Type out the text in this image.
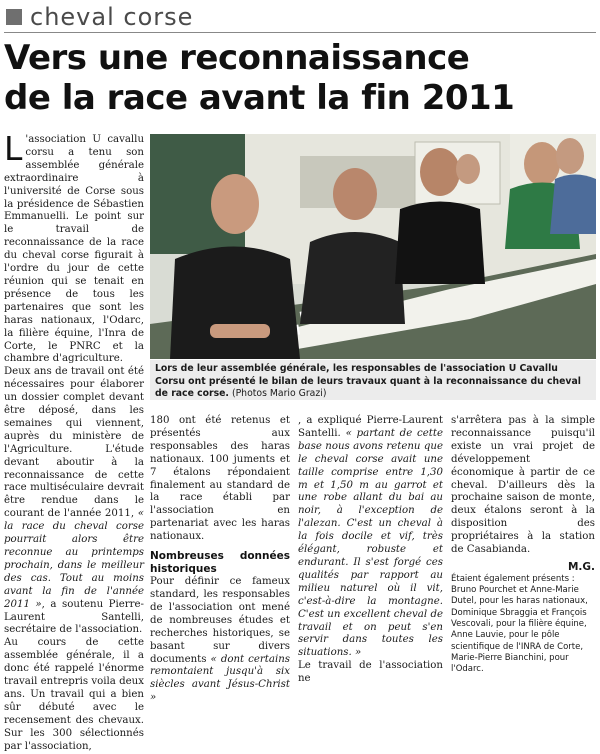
cheval corse
Vers une reconnaissance
de la race avant la fin 2011

L 'association U cavallu corsu a tenu son assemblée générale extraordinaire à l'université de Corse sous la présidence de Sébastien Emmanuelli. Le point sur le travail de reconnaissance de la race du cheval corse figurait à l'ordre du jour de cette réunion qui se tenait en présence de tous les partenaires que sont les haras nationaux, l'Odarc, la filière équine, l'Inra de Corte, le PNRC et la chambre d'agriculture.

Deux ans de travail ont été nécessaires pour élaborer un dossier complet devant être déposé, dans les semaines qui viennent, auprès du ministère de l'Agriculture. L'étude devant aboutir à la reconnaissance de cette race multiséculaire devrait être rendue dans le courant de l'année 2011, « la race du cheval corse pourrait alors être reconnue au printemps prochain, dans le meilleur des cas. Tout au moins avant la fin de l'année 2011 », a soutenu Pierre-Laurent Santelli, secrétaire de l'association.

Au cours de cette assemblée générale, il a donc été rappelé l'énorme travail entrepris voila deux ans. Un travail qui a bien sûr débuté avec le recensement des chevaux. Sur les 300 sélectionnés par l'association,

Lors de leur assemblée générale, les responsables de l'association U Cavallu Corsu ont présenté le bilan de leurs travaux quant à la reconnaissance du cheval de race corse. (Photos Mario Grazi)

180 ont été retenus et présentés aux responsables des haras nationaux. 100 juments et 7 étalons répondaient finalement au standard de la race établi par l'association en partenariat avec les haras nationaux.

Nombreuses données historiques

Pour définir ce fameux standard, les responsables de l'association ont mené de nombreuses études et recherches historiques, se basant sur divers documents « dont certains remontaient jusqu'à six siècles avant Jésus-Christ »

, a expliqué Pierre-Laurent Santelli. « partant de cette base nous avons retenu que le cheval corse avait une taille comprise entre 1,30 m et 1,50 m au garrot et une robe allant du bai au noir, à l'exception de l'alezan. C'est un cheval à la fois docile et vif, très élégant, robuste et endurant. Il s'est forgé ces qualités par rapport au milieu naturel où il vit, c'est-à-dire la montagne. C'est un excellent cheval de travail et on peut s'en servir dans toutes les situations. »

Le travail de l'association ne

s'arrêtera pas à la simple reconnaissance puisqu'il existe un vrai projet de développement économique à partir de ce cheval. D'ailleurs dès la prochaine saison de monte, deux étalons seront à la disposition des propriétaires à la station de Casabianda.

M.G.

Étaient également présents : Bruno Pourchet et Anne-Marie Dutel, pour les haras nationaux, Dominique Sbraggia et François Vescovali, pour la filière équine, Anne Lauvie, pour le pôle scientifique de l'INRA de Corte, Marie-Pierre Bianchini, pour l'Odarc.
